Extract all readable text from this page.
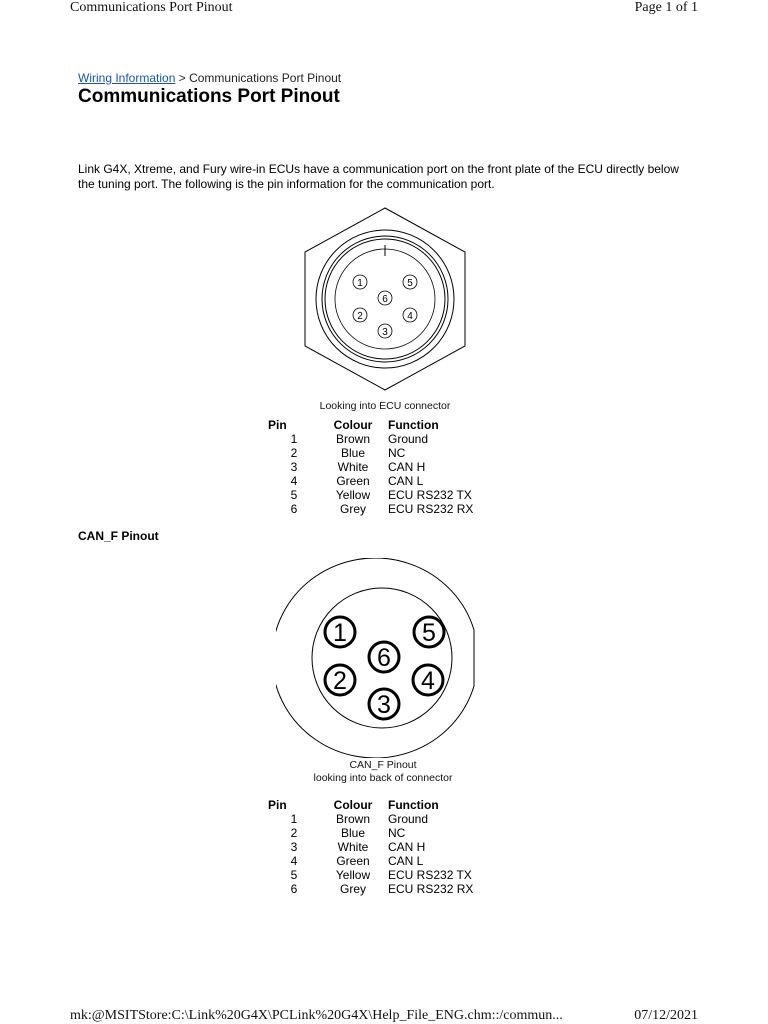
Communications Port Pinout	Page 1 of 1
Wiring Information > Communications Port Pinout
Communications Port Pinout

Link G4X, Xtreme, and Fury wire-in ECUs have a communication port on the front plate of the ECU directly below the tuning port. The following is the pin information for the communication port.

1	5
6
2	4
3
Looking into ECU connector
Pin	Colour	Function
1	Brown	Ground
2	Blue	NC
3	White	CAN H
4	Green	CAN L
5	Yellow	ECU RS232 TX
6	Grey	ECU RS232 RX
CAN_F Pinout
1	5
6
2	4
3
CAN_F Pinout
looking into back of connector
Pin	Colour	Function
1	Brown	Ground
2	Blue	NC
3	White	CAN H
4	Green	CAN L
5	Yellow	ECU RS232 TX
6	Grey	ECU RS232 RX
mk:@MSITStore:C:\Link%20G4X\PCLink%20G4X\Help_File_ENG.chm::/commun...	07/12/2021
